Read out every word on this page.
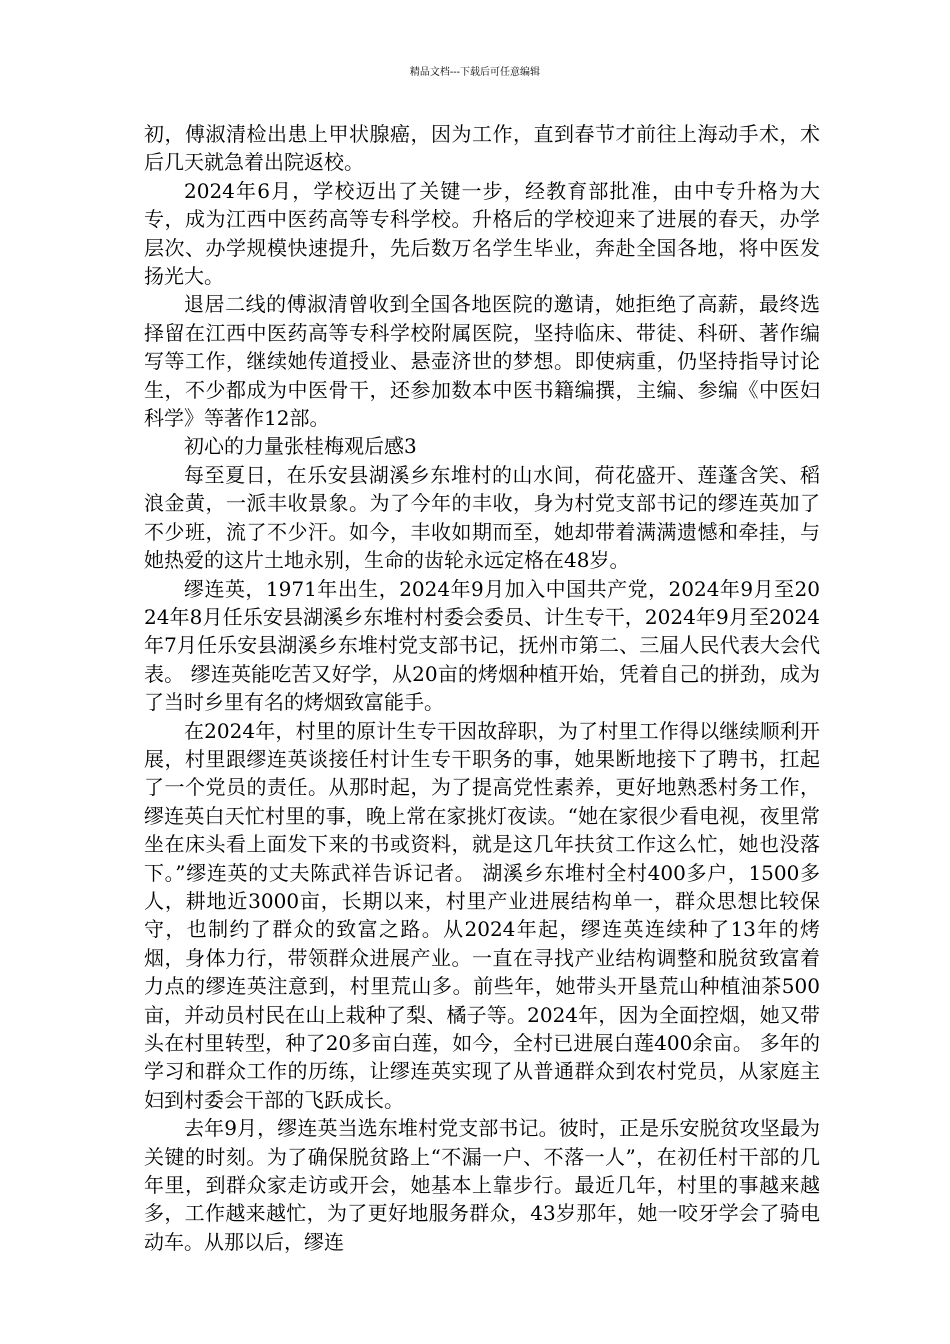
精品文档---下载后可任意编辑

初，傅淑清检出患上甲状腺癌，因为工作，直到春节才前往上海动手术，术后几天就急着出院返校。

2024年6月，学校迈出了关键一步，经教育部批准，由中专升格为大专，成为江西中医药高等专科学校。升格后的学校迎来了进展的春天，办学层次、办学规模快速提升，先后数万名学生毕业，奔赴全国各地，将中医发扬光大。

退居二线的傅淑清曾收到全国各地医院的邀请，她拒绝了高薪，最终选择留在江西中医药高等专科学校附属医院，坚持临床、带徒、科研、著作编写等工作，继续她传道授业、悬壶济世的梦想。即使病重，仍坚持指导讨论生，不少都成为中医骨干，还参加数本中医书籍编撰，主编、参编《中医妇科学》等著作12部。

初心的力量张桂梅观后感3

每至夏日，在乐安县湖溪乡东堆村的山水间，荷花盛开、莲蓬含笑、稻浪金黄，一派丰收景象。为了今年的丰收，身为村党支部书记的缪连英加了不少班，流了不少汗。如今，丰收如期而至，她却带着满满遗憾和牵挂，与她热爱的这片土地永别，生命的齿轮永远定格在48岁。

缪连英，1971年出生，2024年9月加入中国共产党，2024年9月至2024年8月任乐安县湖溪乡东堆村村委会委员、计生专干，2024年9月至2024年7月任乐安县湖溪乡东堆村党支部书记，抚州市第二、三届人民代表大会代表。 缪连英能吃苦又好学，从20亩的烤烟种植开始，凭着自己的拼劲，成为了当时乡里有名的烤烟致富能手。

在2024年，村里的原计生专干因故辞职，为了村里工作得以继续顺利开展，村里跟缪连英谈接任村计生专干职务的事，她果断地接下了聘书，扛起了一个党员的责任。从那时起，为了提高党性素养，更好地熟悉村务工作，缪连英白天忙村里的事，晚上常在家挑灯夜读。“她在家很少看电视，夜里常坐在床头看上面发下来的书或资料，就是这几年扶贫工作这么忙，她也没落下。”缪连英的丈夫陈武祥告诉记者。 湖溪乡东堆村全村400多户，1500多人，耕地近3000亩，长期以来，村里产业进展结构单一，群众思想比较保守，也制约了群众的致富之路。从2024年起，缪连英连续种了13年的烤烟，身体力行，带领群众进展产业。一直在寻找产业结构调整和脱贫致富着力点的缪连英注意到，村里荒山多。前些年，她带头开垦荒山种植油茶500亩，并动员村民在山上栽种了梨、橘子等。2024年，因为全面控烟，她又带头在村里转型，种了20多亩白莲，如今，全村已进展白莲400余亩。 多年的学习和群众工作的历练，让缪连英实现了从普通群众到农村党员，从家庭主妇到村委会干部的飞跃成长。

去年9月，缪连英当选东堆村党支部书记。彼时，正是乐安脱贫攻坚最为关键的时刻。为了确保脱贫路上“不漏一户、不落一人”，在初任村干部的几年里，到群众家走访或开会，她基本上靠步行。最近几年，村里的事越来越多，工作越来越忙，为了更好地服务群众，43岁那年，她一咬牙学会了骑电动车。从那以后，缪连
